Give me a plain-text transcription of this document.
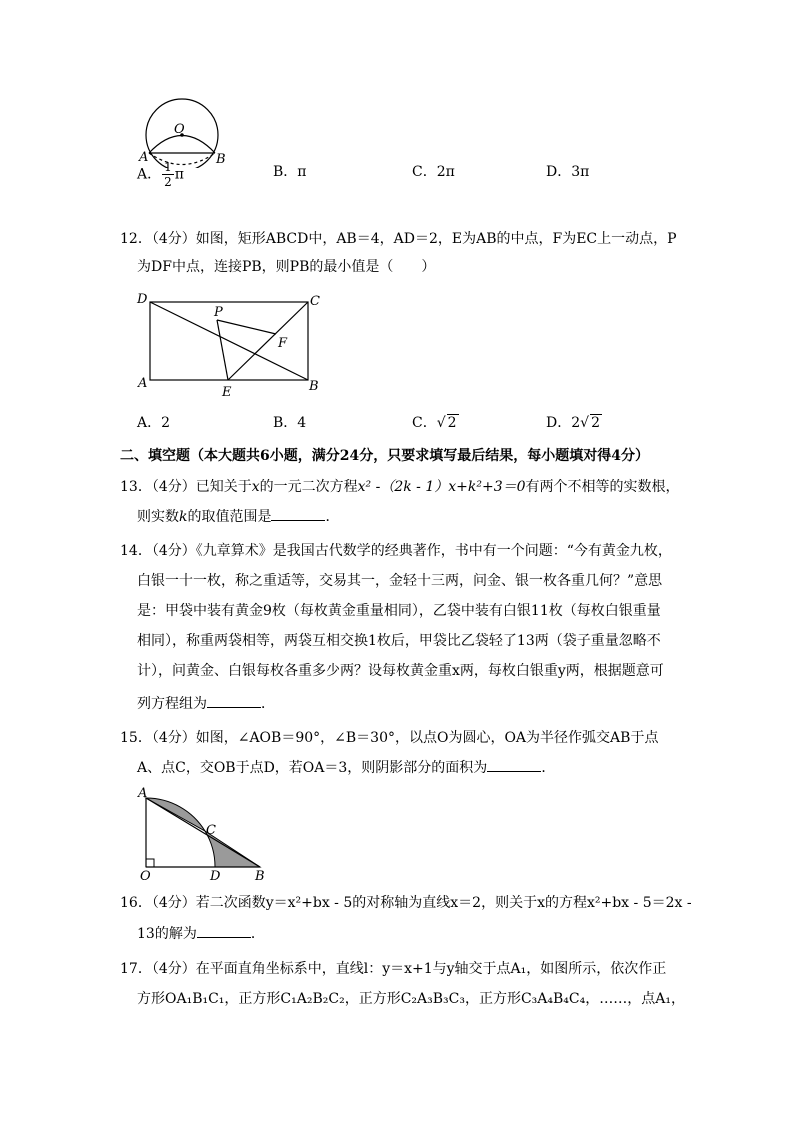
O
A	B
A． $\frac{1}{2}$ π	B．π	C．2π	D．3π
12．（4分）如图，矩形ABCD中，AB＝4，AD＝2，E为AB的中点，F为EC上一动点，P
为DF中点，连接PB，则PB的最小值是（　　）
D	C
P
F
A
E	B
A．2	B．4	C．√ 2	D．2√ 2
二、填空题（本大题共6小题，满分24分，只要求填写最后结果，每小题填对得4分）
13．（4分）已知关于x的一元二次方程x² -（2k - 1）x+k²+3＝0有两个不相等的实数根，
则实数k的取值范围是	．
14．（4分）《九章算术》是我国古代数学的经典著作，书中有一个问题：“今有黄金九枚，
白银一十一枚，称之重适等，交易其一，金轻十三两，问金、银一枚各重几何？”意思
是：甲袋中装有黄金9枚（每枚黄金重量相同），乙袋中装有白银11枚（每枚白银重量
相同），称重两袋相等，两袋互相交换1枚后，甲袋比乙袋轻了13两（袋子重量忽略不
计），问黄金、白银每枚各重多少两？设每枚黄金重x两，每枚白银重y两，根据题意可
列方程组为	．
15．（4分）如图，∠AOB＝90°，∠B＝30°，以点O为圆心，OA为半径作弧交AB于点
A、点C，交OB于点D，若OA＝3，则阴影部分的面积为	．
A
C
O	D	B
16．（4分）若二次函数y＝x²+bx - 5的对称轴为直线x＝2，则关于x的方程x²+bx - 5＝2x -
13的解为	．
17．（4分）在平面直角坐标系中，直线l：y＝x+1与y轴交于点A₁，如图所示，依次作正
方形OA₁B₁C₁，正方形C₁A₂B₂C₂，正方形C₂A₃B₃C₃，正方形C₃A₄B₄C₄，……，点A₁，
